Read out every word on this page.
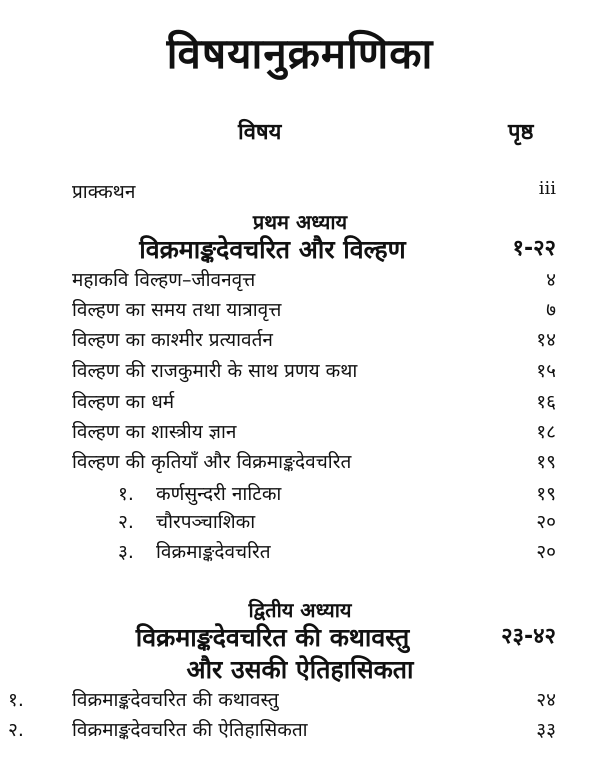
विषयानुक्रमणिका
विषय	पृष्ठ
प्राक्कथन	iii
प्रथम अध्याय
विक्रमाङ्कदेवचरित और विल्हण	१-२२
महाकवि विल्हण–जीवनवृत्त	४
विल्हण का समय तथा यात्रावृत्त	७
विल्हण का काश्मीर प्रत्यावर्तन	१४
विल्हण की राजकुमारी के साथ प्रणय कथा	१५
विल्हण का धर्म	१६
विल्हण का शास्त्रीय ज्ञान	१८
विल्हण की कृतियाँ और विक्रमाङ्कदेवचरित	१९
१. कर्णसुन्दरी नाटिका	१९
२. चौरपञ्चाशिका	२०
३. विक्रमाङ्कदेवचरित	२०
द्वितीय अध्याय
विक्रमाङ्कदेवचरित की कथावस्तु	२३-४२
और उसकी ऐतिहासिकता
१.	विक्रमाङ्कदेवचरित की कथावस्तु	२४
२.	विक्रमाङ्कदेवचरित की ऐतिहासिकता	३३
